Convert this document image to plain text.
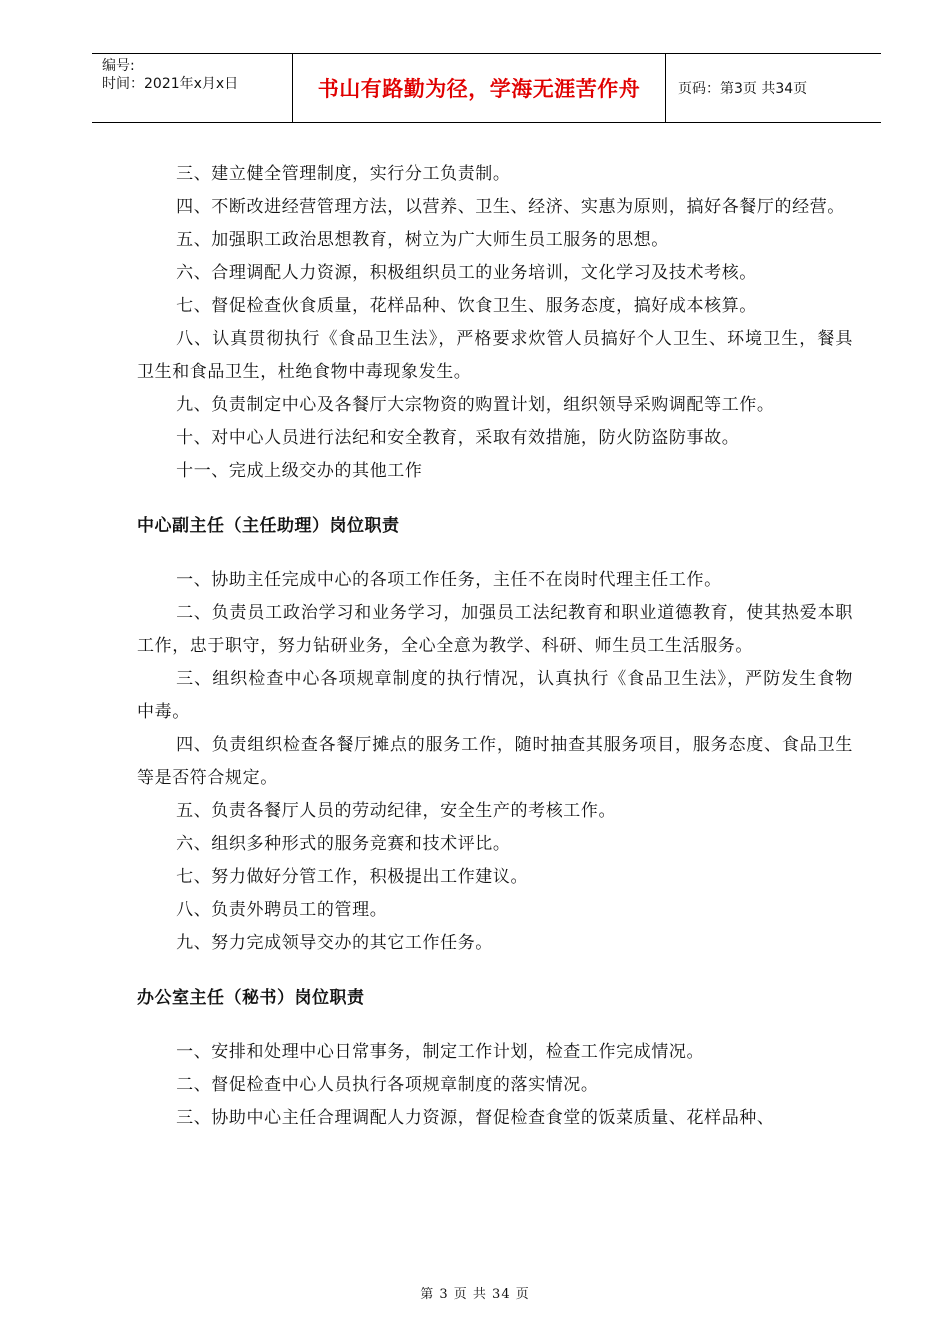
编号:
时间：2021年x月x日	书山有路勤为径，学海无涯苦作舟	页码：第3页 共34页

三、建立健全管理制度，实行分工负责制。

四、不断改进经营管理方法，以营养、卫生、经济、实惠为原则，搞好各餐厅的经营。

五、加强职工政治思想教育，树立为广大师生员工服务的思想。

六、合理调配人力资源，积极组织员工的业务培训，文化学习及技术考核。

七、督促检查伙食质量，花样品种、饮食卫生、服务态度，搞好成本核算。

八、认真贯彻执行《食品卫生法》，严格要求炊管人员搞好个人卫生、环境卫生，餐具卫生和食品卫生，杜绝食物中毒现象发生。

九、负责制定中心及各餐厅大宗物资的购置计划，组织领导采购调配等工作。

十、对中心人员进行法纪和安全教育，采取有效措施，防火防盗防事故。

十一、完成上级交办的其他工作

中心副主任（主任助理）岗位职责

一、协助主任完成中心的各项工作任务，主任不在岗时代理主任工作。

二、负责员工政治学习和业务学习，加强员工法纪教育和职业道德教育，使其热爱本职工作，忠于职守，努力钻研业务，全心全意为教学、科研、师生员工生活服务。

三、组织检查中心各项规章制度的执行情况，认真执行《食品卫生法》，严防发生食物中毒。

四、负责组织检查各餐厅摊点的服务工作，随时抽查其服务项目，服务态度、食品卫生等是否符合规定。

五、负责各餐厅人员的劳动纪律，安全生产的考核工作。

六、组织多种形式的服务竞赛和技术评比。

七、努力做好分管工作，积极提出工作建议。

八、负责外聘员工的管理。

九、努力完成领导交办的其它工作任务。

办公室主任（秘书）岗位职责

一、安排和处理中心日常事务，制定工作计划，检查工作完成情况。

二、督促检查中心人员执行各项规章制度的落实情况。

三、协助中心主任合理调配人力资源，督促检查食堂的饭菜质量、花样品种、

第 3 页 共 34 页
